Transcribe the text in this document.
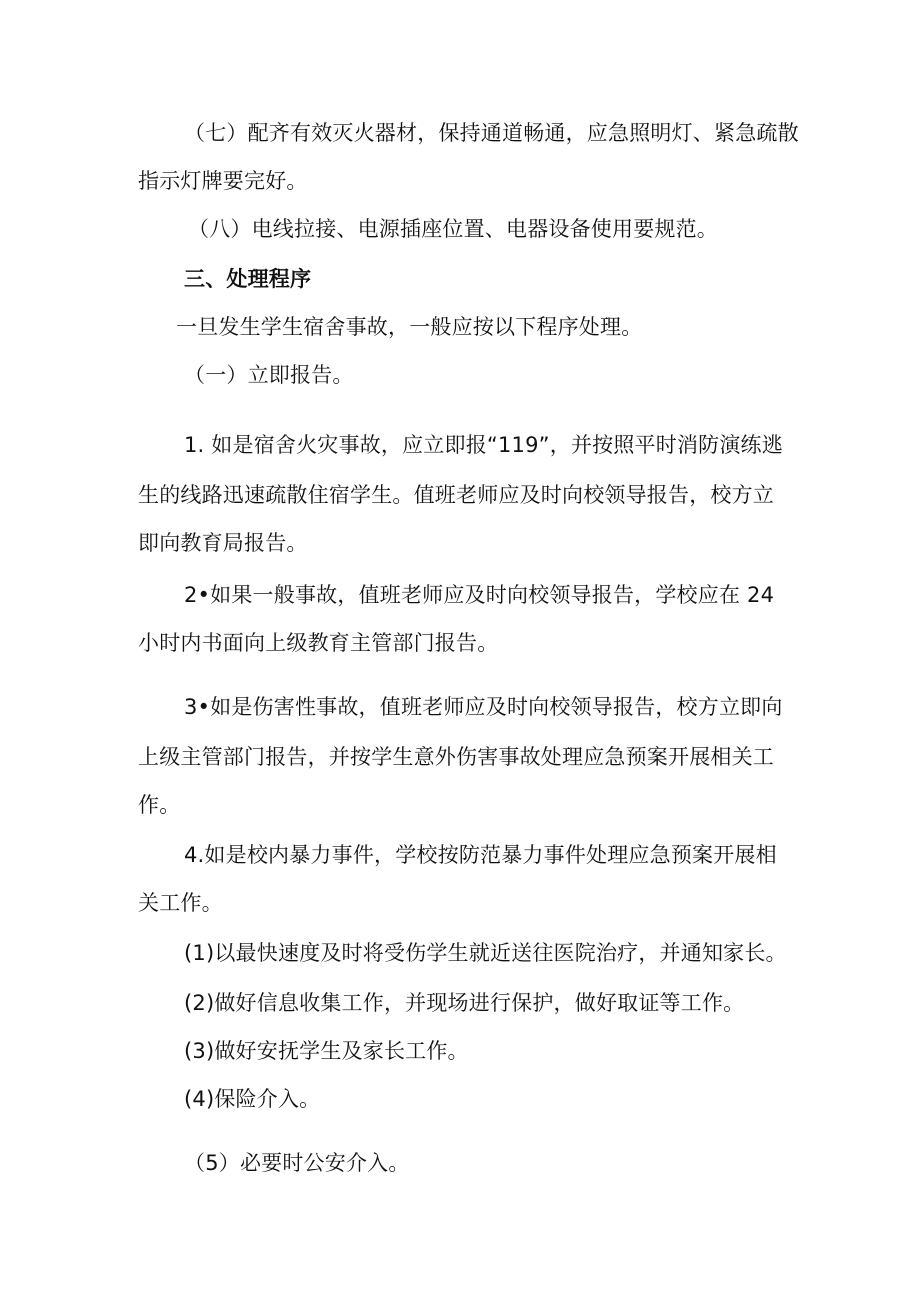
（七）配齐有效灭火器材，保持通道畅通，应急照明灯、紧急疏散
指示灯牌要完好。
（八）电线拉接、电源插座位置、电器设备使用要规范。
三、处理程序
一旦发生学生宿舍事故，一般应按以下程序处理。
（一）立即报告。
1. 如是宿舍火灾事故，应立即报“119”，并按照平时消防演练逃
生的线路迅速疏散住宿学生。值班老师应及时向校领导报告，校方立
即向教育局报告。
2•如果一般事故，值班老师应及时向校领导报告，学校应在 24
小时内书面向上级教育主管部门报告。
3•如是伤害性事故，值班老师应及时向校领导报告，校方立即向
上级主管部门报告，并按学生意外伤害事故处理应急预案开展相关工
作。
4.如是校内暴力事件，学校按防范暴力事件处理应急预案开展相
关工作。
(1)以最快速度及时将受伤学生就近送往医院治疗，并通知家长。
(2)做好信息收集工作，并现场进行保护，做好取证等工作。
(3)做好安抚学生及家长工作。
(4)保险介入。
（5）必要时公安介入。
